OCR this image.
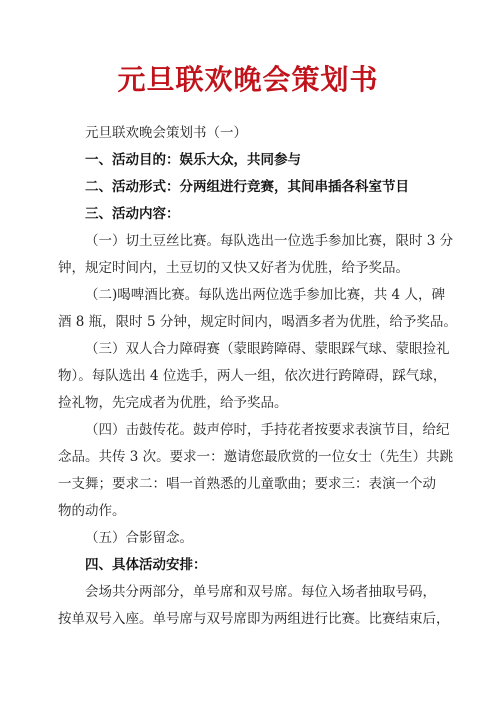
元旦联欢晚会策划书
元旦联欢晚会策划书（一）
一、活动目的：娱乐大众，共同参与
二、活动形式：分两组进行竞赛，其间串插各科室节目
三、活动内容：
（一）切土豆丝比赛。每队选出一位选手参加比赛，限时 3 分
钟，规定时间内，土豆切的又快又好者为优胜，给予奖品。
（二)喝啤酒比赛。每队选出两位选手参加比赛，共 4 人，碑
酒 8 瓶，限时 5 分钟，规定时间内，喝酒多者为优胜，给予奖品。
（三）双人合力障碍赛（蒙眼跨障碍、蒙眼踩气球、蒙眼捡礼
物）。每队选出 4 位选手，两人一组，依次进行跨障碍，踩气球，
捡礼物，先完成者为优胜，给予奖品。
（四）击鼓传花。鼓声停时，手持花者按要求表演节目，给纪
念品。共传 3 次。要求一：邀请您最欣赏的一位女士（先生）共跳
一支舞；要求二：唱一首熟悉的儿童歌曲；要求三：表演一个动
物的动作。
（五）合影留念。
四、具体活动安排：
会场共分两部分，单号席和双号席。每位入场者抽取号码，
按单双号入座。单号席与双号席即为两组进行比赛。比赛结束后，
